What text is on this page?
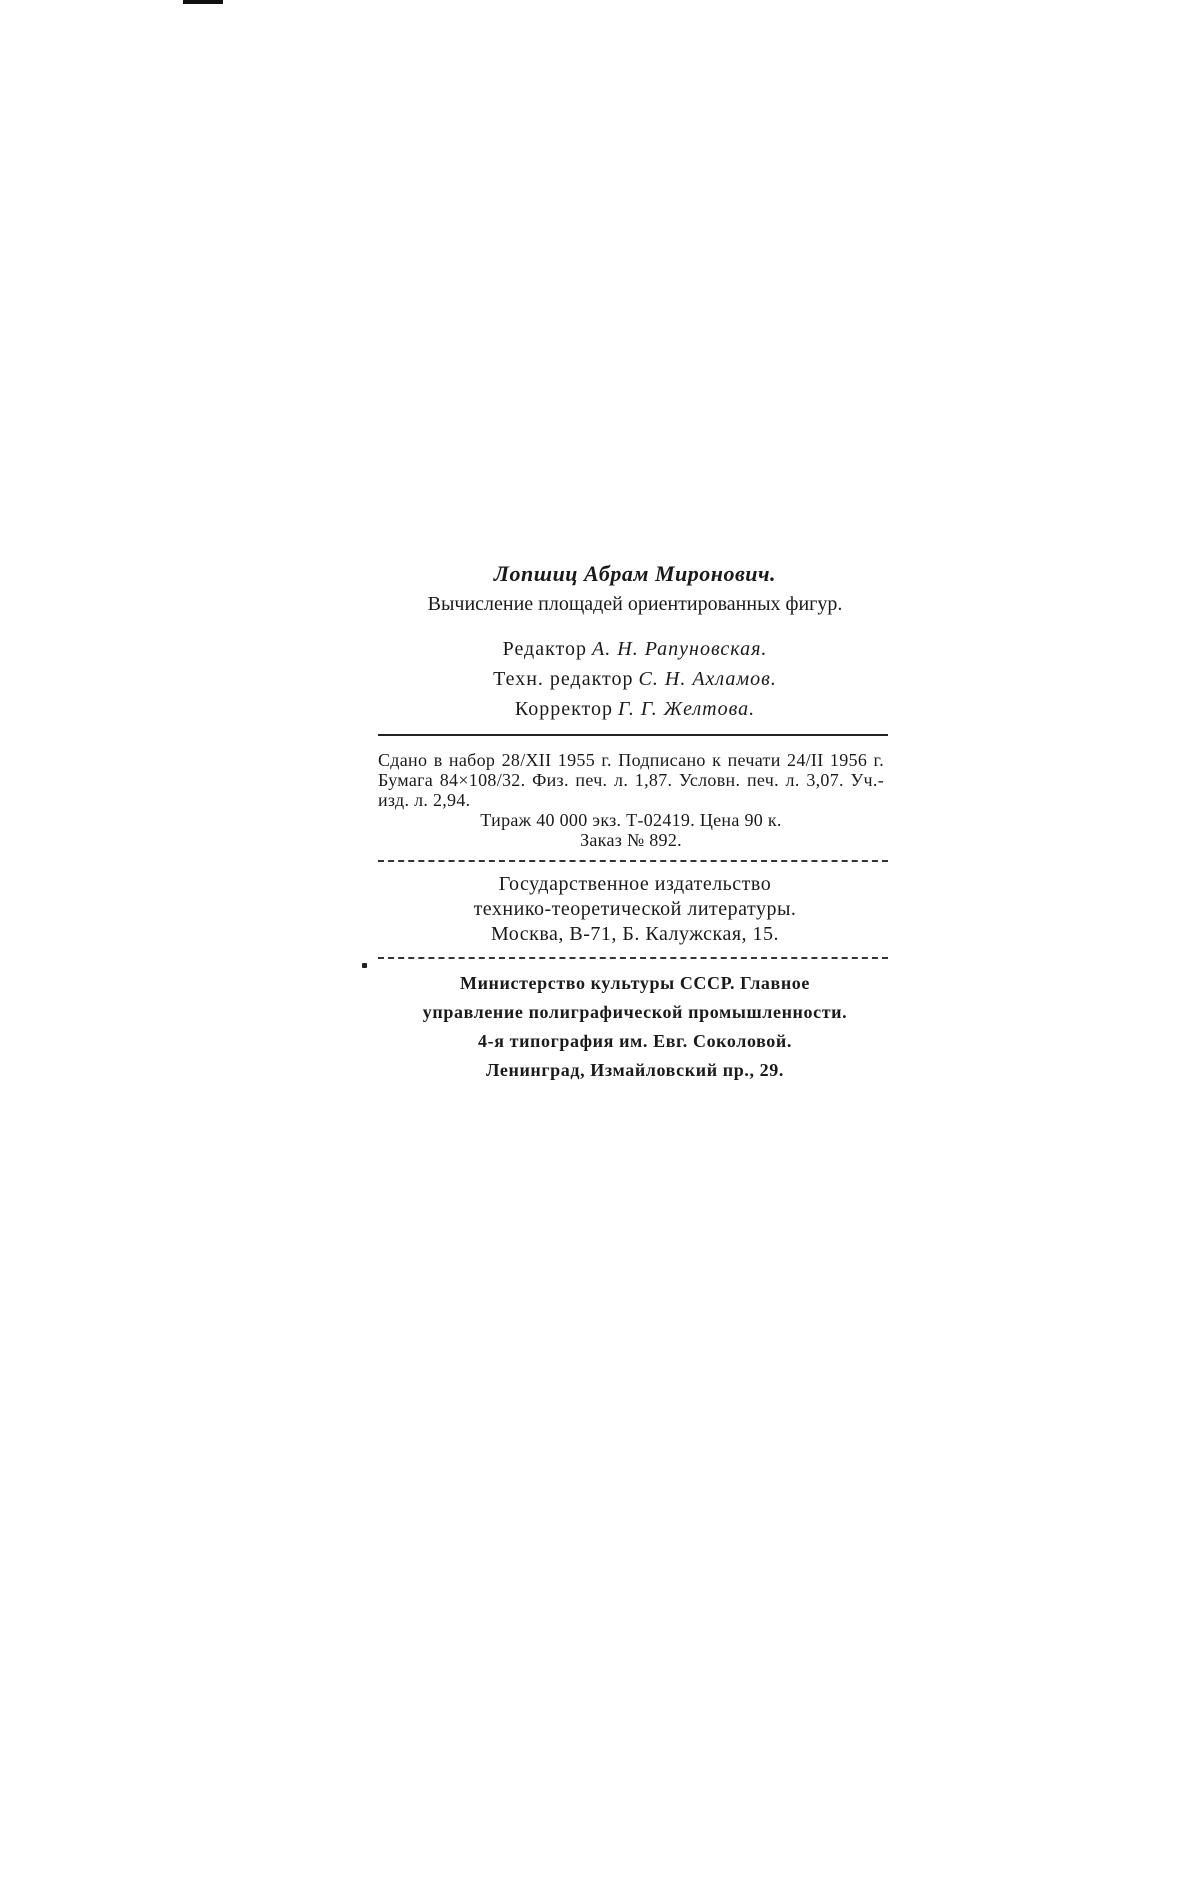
Лопшиц Абрам Миронович.

Вычисление площадей ориентированных фигур.

Редактор А. Н. Рапуновская.

Техн. редактор С. Н. Ахламов.

Корректор Г. Г. Желтова.

Сдано в набор 28/XII 1955 г. Подписано к печати 24/II 1956 г. Бумага 84×108/32. Физ. печ. л. 1,87. Условн. печ. л. 3,07. Уч.-изд. л. 2,94.

Тираж 40 000 экз. Т-02419. Цена 90 к.

Заказ № 892.

Государственное издательство

технико-теоретической литературы.

Москва, В-71, Б. Калужская, 15.

Министерство культуры СССР. Главное

управление полиграфической промышленности.

4-я типография им. Евг. Соколовой.

Ленинград, Измайловский пр., 29.
